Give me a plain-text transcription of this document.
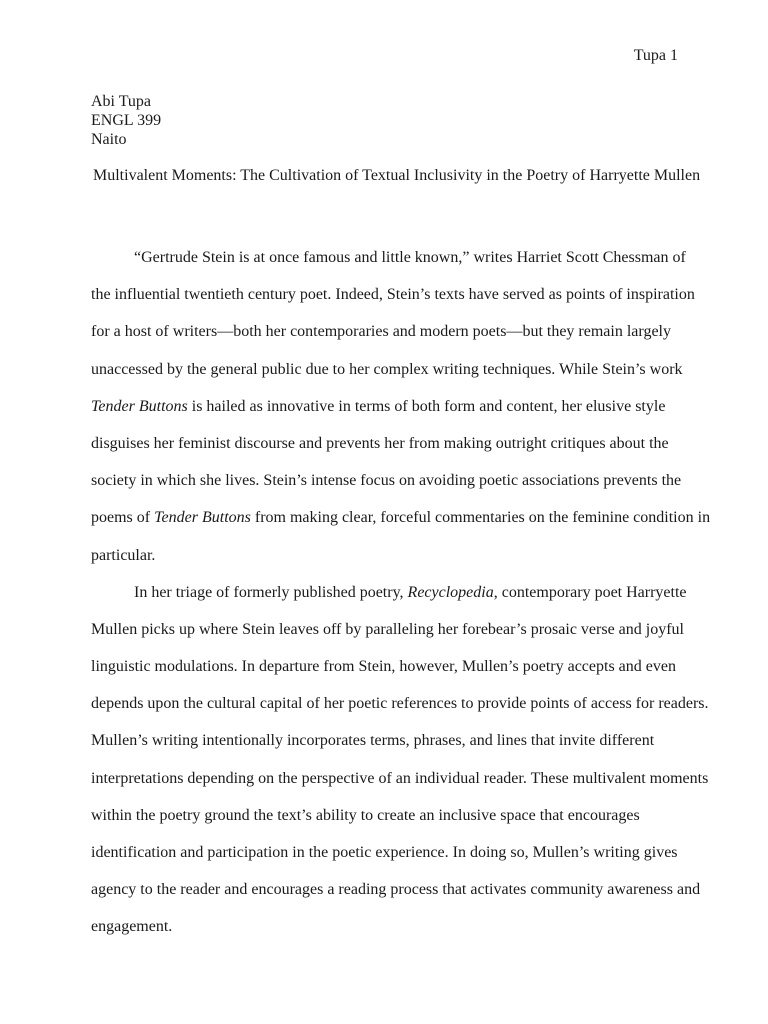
Tupa 1
Abi Tupa
ENGL 399
Naito
Multivalent Moments: The Cultivation of Textual Inclusivity in the Poetry of Harryette Mullen
“Gertrude Stein is at once famous and little known,” writes Harriet Scott Chessman of
the influential twentieth century poet. Indeed, Stein’s texts have served as points of inspiration
for a host of writers—both her contemporaries and modern poets—but they remain largely
unaccessed by the general public due to her complex writing techniques. While Stein’s work
Tender Buttons is hailed as innovative in terms of both form and content, her elusive style
disguises her feminist discourse and prevents her from making outright critiques about the
society in which she lives. Stein’s intense focus on avoiding poetic associations prevents the
poems of Tender Buttons from making clear, forceful commentaries on the feminine condition in
particular.
In her triage of formerly published poetry, Recyclopedia, contemporary poet Harryette
Mullen picks up where Stein leaves off by paralleling her forebear’s prosaic verse and joyful
linguistic modulations. In departure from Stein, however, Mullen’s poetry accepts and even
depends upon the cultural capital of her poetic references to provide points of access for readers.
Mullen’s writing intentionally incorporates terms, phrases, and lines that invite different
interpretations depending on the perspective of an individual reader. These multivalent moments
within the poetry ground the text’s ability to create an inclusive space that encourages
identification and participation in the poetic experience. In doing so, Mullen’s writing gives
agency to the reader and encourages a reading process that activates community awareness and
engagement.
